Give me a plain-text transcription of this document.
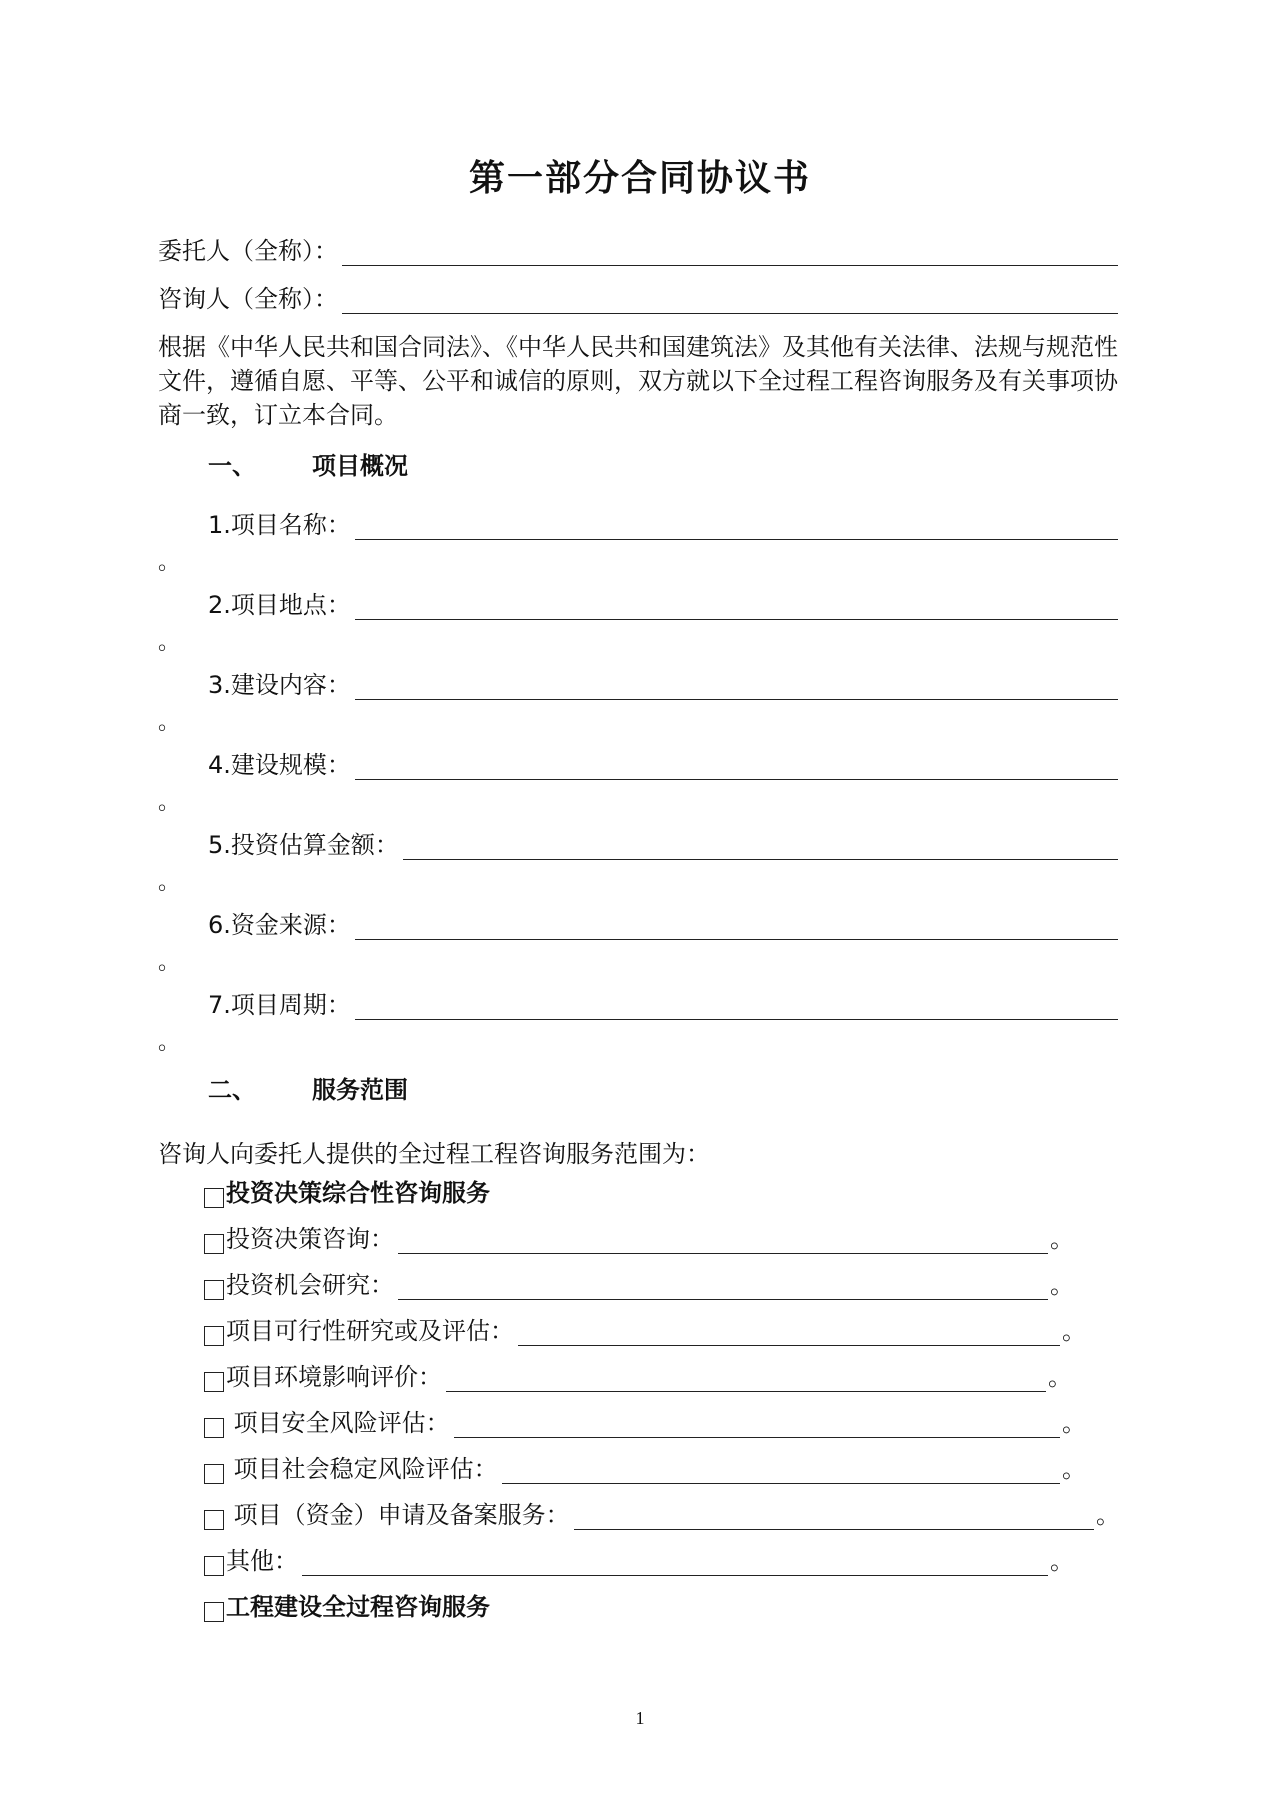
第一部分合同协议书
委托人（全称）：
咨询人（全称）：
根据《中华人民共和国合同法》、《中华人民共和国建筑法》及其他有关法律、法规与规范性文件，遵循自愿、平等、公平和诚信的原则，双方就以下全过程工程咨询服务及有关事项协商一致，订立本合同。
一、 项目概况
1.项目名称：
。
2.项目地点：
。
3.建设内容：
。
4.建设规模：
。
5.投资估算金额：
。
6.资金来源：
。
7.项目周期：
。
二、 服务范围
咨询人向委托人提供的全过程工程咨询服务范围为：
投资决策综合性咨询服务
投资决策咨询：	。
投资机会研究：	。
项目可行性研究或及评估：	。
项目环境影响评价：	。
项目安全风险评估：	。
项目社会稳定风险评估：	。
项目（资金）申请及备案服务：	。
其他：	。
工程建设全过程咨询服务
1
